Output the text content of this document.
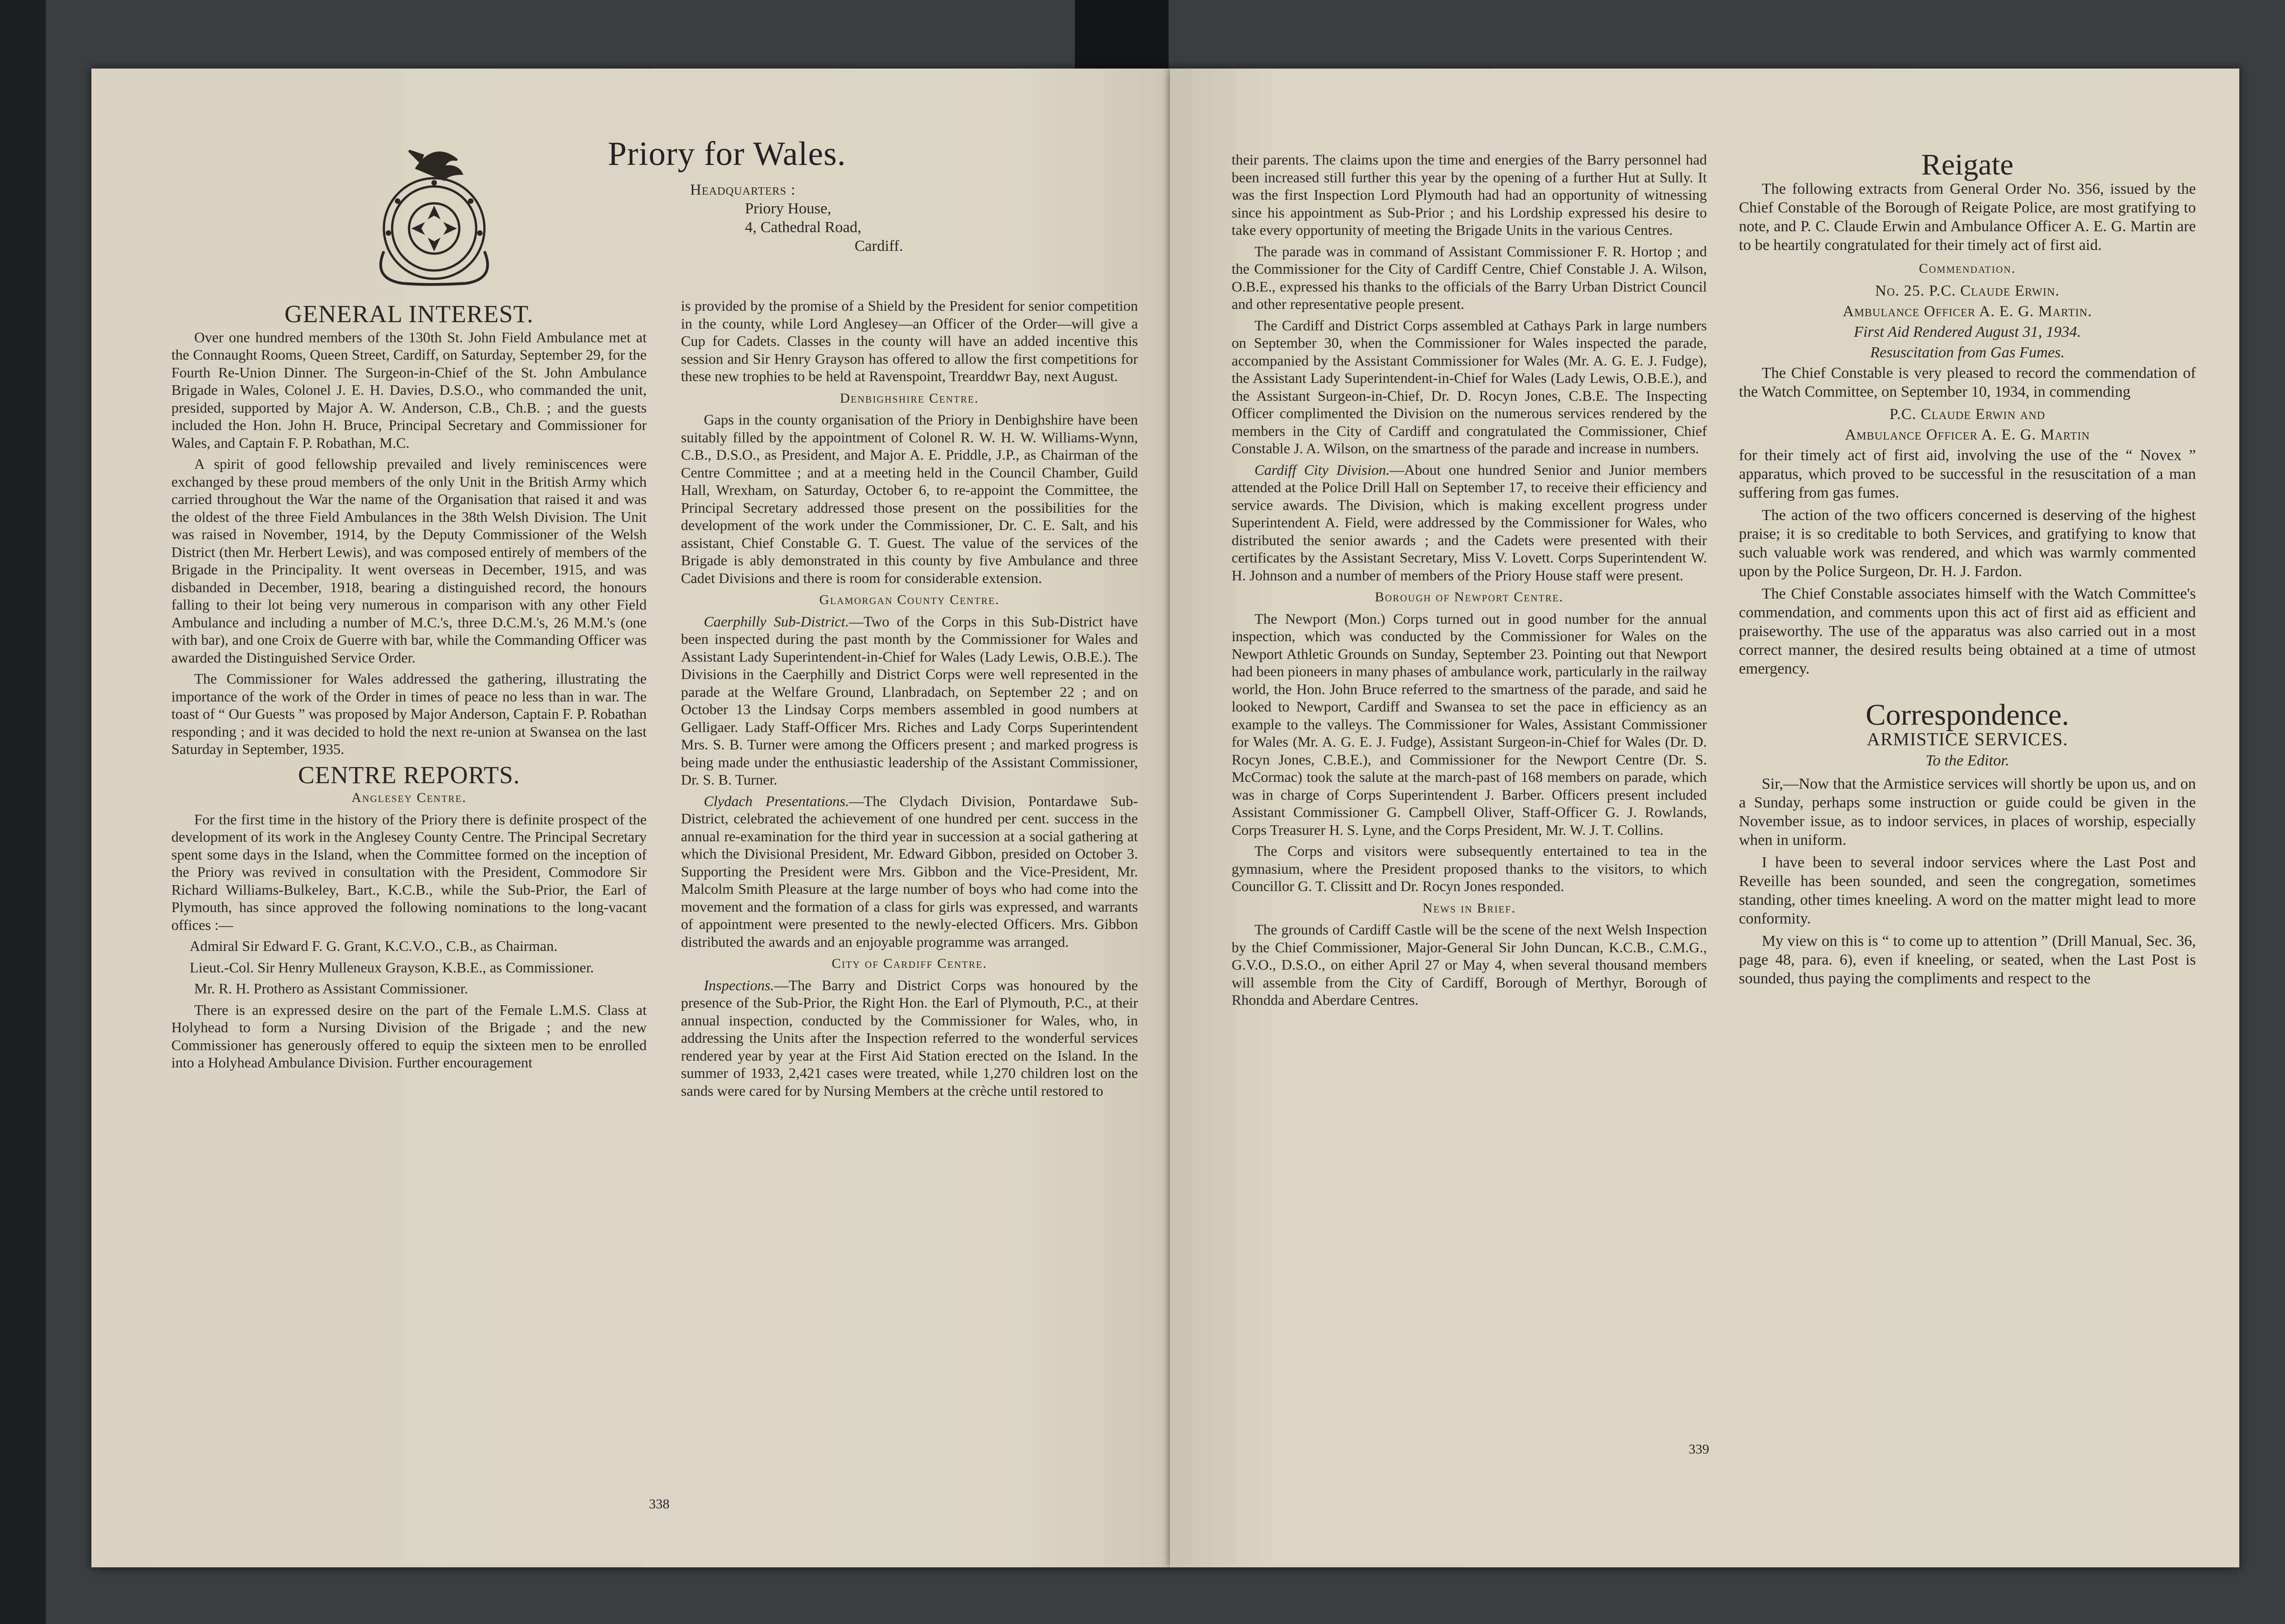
Priory for Wales.
Headquarters :
Priory House,
4, Cathedral Road,
Cardiff.
GENERAL INTEREST.

Over one hundred members of the 130th St. John Field Ambulance met at the Connaught Rooms, Queen Street, Cardiff, on Saturday, September 29, for the Fourth Re-Union Dinner. The Surgeon-in-Chief of the St. John Ambulance Brigade in Wales, Colonel J. E. H. Davies, D.S.O., who commanded the unit, presided, supported by Major A. W. Anderson, C.B., Ch.B. ; and the guests included the Hon. John H. Bruce, Principal Secretary and Commissioner for Wales, and Captain F. P. Robathan, M.C.

A spirit of good fellowship prevailed and lively reminiscences were exchanged by these proud members of the only Unit in the British Army which carried throughout the War the name of the Organisation that raised it and was the oldest of the three Field Ambulances in the 38th Welsh Division. The Unit was raised in November, 1914, by the Deputy Commissioner of the Welsh District (then Mr. Herbert Lewis), and was composed entirely of members of the Brigade in the Principality. It went overseas in December, 1915, and was disbanded in December, 1918, bearing a distinguished record, the honours falling to their lot being very numerous in comparison with any other Field Ambulance and including a number of M.C.'s, three D.C.M.'s, 26 M.M.'s (one with bar), and one Croix de Guerre with bar, while the Commanding Officer was awarded the Distinguished Service Order.

The Commissioner for Wales addressed the gathering, illustrating the importance of the work of the Order in times of peace no less than in war. The toast of “ Our Guests ” was proposed by Major Anderson, Captain F. P. Robathan responding ; and it was decided to hold the next re-union at Swansea on the last Saturday in September, 1935.

CENTRE REPORTS.
Anglesey Centre.

For the first time in the history of the Priory there is definite prospect of the development of its work in the Anglesey County Centre. The Principal Secretary spent some days in the Island, when the Committee formed on the inception of the Priory was revived in consultation with the President, Commodore Sir Richard Williams-Bulkeley, Bart., K.C.B., while the Sub-Prior, the Earl of Plymouth, has since approved the following nominations to the long-vacant offices :—

Admiral Sir Edward F. G. Grant, K.C.V.O., C.B., as Chairman.

Lieut.-Col. Sir Henry Mulleneux Grayson, K.B.E., as Commissioner.

Mr. R. H. Prothero as Assistant Commissioner.

There is an expressed desire on the part of the Female L.M.S. Class at Holyhead to form a Nursing Division of the Brigade ; and the new Commissioner has generously offered to equip the sixteen men to be enrolled into a Holyhead Ambulance Division. Further encouragement

is provided by the promise of a Shield by the President for senior competition in the county, while Lord Anglesey—an Officer of the Order—will give a Cup for Cadets. Classes in the county will have an added incentive this session and Sir Henry Grayson has offered to allow the first competitions for these new trophies to be held at Ravenspoint, Trearddwr Bay, next August.

Denbighshire Centre.

Gaps in the county organisation of the Priory in Denbighshire have been suitably filled by the appointment of Colonel R. W. H. W. Williams-Wynn, C.B., D.S.O., as President, and Major A. E. Priddle, J.P., as Chairman of the Centre Committee ; and at a meeting held in the Council Chamber, Guild Hall, Wrexham, on Saturday, October 6, to re-appoint the Committee, the Principal Secretary addressed those present on the possibilities for the development of the work under the Commissioner, Dr. C. E. Salt, and his assistant, Chief Constable G. T. Guest. The value of the services of the Brigade is ably demonstrated in this county by five Ambulance and three Cadet Divisions and there is room for considerable extension.

Glamorgan County Centre.

Caerphilly Sub-District.—Two of the Corps in this Sub-District have been inspected during the past month by the Commissioner for Wales and Assistant Lady Superintendent-in-Chief for Wales (Lady Lewis, O.B.E.). The Divisions in the Caerphilly and District Corps were well represented in the parade at the Welfare Ground, Llanbradach, on September 22 ; and on October 13 the Lindsay Corps members assembled in good numbers at Gelligaer. Lady Staff-Officer Mrs. Riches and Lady Corps Superintendent Mrs. S. B. Turner were among the Officers present ; and marked progress is being made under the enthusiastic leadership of the Assistant Commissioner, Dr. S. B. Turner.

Clydach Presentations.—The Clydach Division, Pontardawe Sub-District, celebrated the achievement of one hundred per cent. success in the annual re-examination for the third year in succession at a social gathering at which the Divisional President, Mr. Edward Gibbon, presided on October 3. Supporting the President were Mrs. Gibbon and the Vice-President, Mr. Malcolm Smith Pleasure at the large number of boys who had come into the movement and the formation of a class for girls was expressed, and warrants of appointment were presented to the newly-elected Officers. Mrs. Gibbon distributed the awards and an enjoyable programme was arranged.

City of Cardiff Centre.

Inspections.—The Barry and District Corps was honoured by the presence of the Sub-Prior, the Right Hon. the Earl of Plymouth, P.C., at their annual inspection, conducted by the Commissioner for Wales, who, in addressing the Units after the Inspection referred to the wonderful services rendered year by year at the First Aid Station erected on the Island. In the summer of 1933, 2,421 cases were treated, while 1,270 children lost on the sands were cared for by Nursing Members at the crèche until restored to

338

their parents. The claims upon the time and energies of the Barry personnel had been increased still further this year by the opening of a further Hut at Sully. It was the first Inspection Lord Plymouth had had an opportunity of witnessing since his appointment as Sub-Prior ; and his Lordship expressed his desire to take every opportunity of meeting the Brigade Units in the various Centres.

The parade was in command of Assistant Commissioner F. R. Hortop ; and the Commissioner for the City of Cardiff Centre, Chief Constable J. A. Wilson, O.B.E., expressed his thanks to the officials of the Barry Urban District Council and other representative people present.

The Cardiff and District Corps assembled at Cathays Park in large numbers on September 30, when the Commissioner for Wales inspected the parade, accompanied by the Assistant Commissioner for Wales (Mr. A. G. E. J. Fudge), the Assistant Lady Superintendent-in-Chief for Wales (Lady Lewis, O.B.E.), and the Assistant Surgeon-in-Chief, Dr. D. Rocyn Jones, C.B.E. The Inspecting Officer complimented the Division on the numerous services rendered by the members in the City of Cardiff and congratulated the Commissioner, Chief Constable J. A. Wilson, on the smartness of the parade and increase in numbers.

Cardiff City Division.—About one hundred Senior and Junior members attended at the Police Drill Hall on September 17, to receive their efficiency and service awards. The Division, which is making excellent progress under Superintendent A. Field, were addressed by the Commissioner for Wales, who distributed the senior awards ; and the Cadets were presented with their certificates by the Assistant Secretary, Miss V. Lovett. Corps Superintendent W. H. Johnson and a number of members of the Priory House staff were present.

Borough of Newport Centre.

The Newport (Mon.) Corps turned out in good number for the annual inspection, which was conducted by the Commissioner for Wales on the Newport Athletic Grounds on Sunday, September 23. Pointing out that Newport had been pioneers in many phases of ambulance work, particularly in the railway world, the Hon. John Bruce referred to the smartness of the parade, and said he looked to Newport, Cardiff and Swansea to set the pace in efficiency as an example to the valleys. The Commissioner for Wales, Assistant Commissioner for Wales (Mr. A. G. E. J. Fudge), Assistant Surgeon-in-Chief for Wales (Dr. D. Rocyn Jones, C.B.E.), and Commissioner for the Newport Centre (Dr. S. McCormac) took the salute at the march-past of 168 members on parade, which was in charge of Corps Superintendent J. Barber. Officers present included Assistant Commissioner G. Campbell Oliver, Staff-Officer G. J. Rowlands, Corps Treasurer H. S. Lyne, and the Corps President, Mr. W. J. T. Collins.

The Corps and visitors were subsequently entertained to tea in the gymnasium, where the President proposed thanks to the visitors, to which Councillor G. T. Clissitt and Dr. Rocyn Jones responded.

News in Brief.

The grounds of Cardiff Castle will be the scene of the next Welsh Inspection by the Chief Commissioner, Major-General Sir John Duncan, K.C.B., C.M.G., G.V.O., D.S.O., on either April 27 or May 4, when several thousand members will assemble from the City of Cardiff, Borough of Merthyr, Borough of Rhondda and Aberdare Centres.

Reigate

The following extracts from General Order No. 356, issued by the Chief Constable of the Borough of Reigate Police, are most gratifying to note, and P. C. Claude Erwin and Ambulance Officer A. E. G. Martin are to be heartily congratulated for their timely act of first aid.

Commendation.
No. 25. P.C. Claude Erwin.
Ambulance Officer A. E. G. Martin.
First Aid Rendered August 31, 1934.
Resuscitation from Gas Fumes.

The Chief Constable is very pleased to record the commendation of the Watch Committee, on September 10, 1934, in commending

P.C. Claude Erwin and
Ambulance Officer A. E. G. Martin

for their timely act of first aid, involving the use of the “ Novex ” apparatus, which proved to be successful in the resuscitation of a man suffering from gas fumes.

The action of the two officers concerned is deserving of the highest praise; it is so creditable to both Services, and gratifying to know that such valuable work was rendered, and which was warmly commented upon by the Police Surgeon, Dr. H. J. Fardon.

The Chief Constable associates himself with the Watch Committee's commendation, and comments upon this act of first aid as efficient and praiseworthy. The use of the apparatus was also carried out in a most correct manner, the desired results being obtained at a time of utmost emergency.

Correspondence.
ARMISTICE SERVICES.
To the Editor.

Sir,—Now that the Armistice services will shortly be upon us, and on a Sunday, perhaps some instruction or guide could be given in the November issue, as to indoor services, in places of worship, especially when in uniform.

I have been to several indoor services where the Last Post and Reveille has been sounded, and seen the congregation, sometimes standing, other times kneeling. A word on the matter might lead to more conformity.

My view on this is “ to come up to attention ” (Drill Manual, Sec. 36, page 48, para. 6), even if kneeling, or seated, when the Last Post is sounded, thus paying the compliments and respect to the

339
